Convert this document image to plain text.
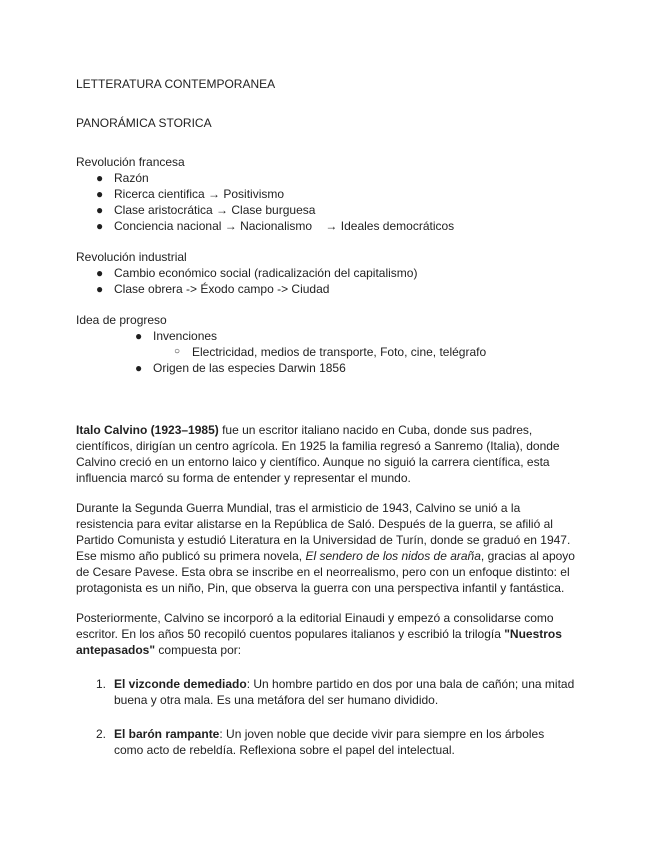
LETTERATURA CONTEMPORANEA
PANORÁMICA STORICA
Revolución francesa
● Razón
● Ricerca cientifica → Positivismo
● Clase aristocrática → Clase burguesa
● Conciencia nacional → Nacionalismo    → Ideales democráticos
Revolución industrial
● Cambio económico social (radicalización del capitalismo)
● Clase obrera -> Éxodo campo -> Ciudad
Idea de progreso
● Invenciones
○ Electricidad, medios de transporte, Foto, cine, telégrafo
● Origen de las especies Darwin 1856

Italo Calvino (1923–1985) fue un escritor italiano nacido en Cuba, donde sus padres, científicos, dirigían un centro agrícola. En 1925 la familia regresó a Sanremo (Italia), donde Calvino creció en un entorno laico y científico. Aunque no siguió la carrera científica, esta influencia marcó su forma de entender y representar el mundo.

Durante la Segunda Guerra Mundial, tras el armisticio de 1943, Calvino se unió a la resistencia para evitar alistarse en la República de Saló. Después de la guerra, se afilió al Partido Comunista y estudió Literatura en la Universidad de Turín, donde se graduó en 1947. Ese mismo año publicó su primera novela, El sendero de los nidos de araña, gracias al apoyo de Cesare Pavese. Esta obra se inscribe en el neorrealismo, pero con un enfoque distinto: el protagonista es un niño, Pin, que observa la guerra con una perspectiva infantil y fantástica.

Posteriormente, Calvino se incorporó a la editorial Einaudi y empezó a consolidarse como escritor. En los años 50 recopiló cuentos populares italianos y escribió la trilogía "Nuestros antepasados" compuesta por:

1. El vizconde demediado: Un hombre partido en dos por una bala de cañón; una mitad buena y otra mala. Es una metáfora del ser humano dividido.
2. El barón rampante: Un joven noble que decide vivir para siempre en los árboles como acto de rebeldía. Reflexiona sobre el papel del intelectual.
